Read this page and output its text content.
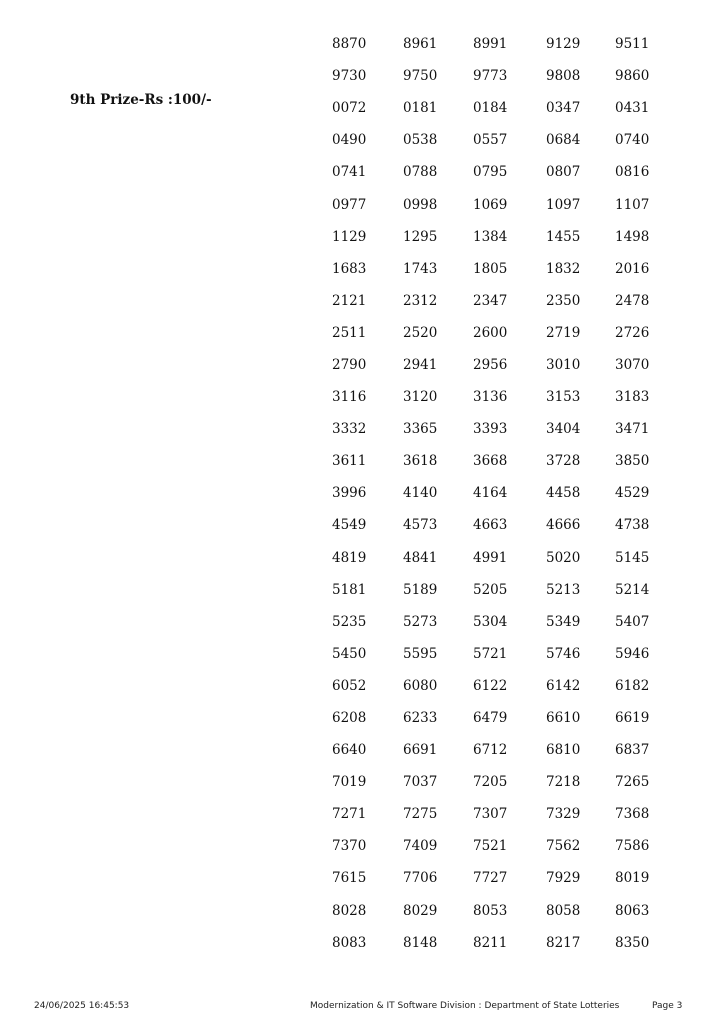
9th Prize-Rs :100/-
8870	8961	8991	9129	9511
9730	9750	9773	9808	9860
0072	0181	0184	0347	0431
0490	0538	0557	0684	0740
0741	0788	0795	0807	0816
0977	0998	1069	1097	1107
1129	1295	1384	1455	1498
1683	1743	1805	1832	2016
2121	2312	2347	2350	2478
2511	2520	2600	2719	2726
2790	2941	2956	3010	3070
3116	3120	3136	3153	3183
3332	3365	3393	3404	3471
3611	3618	3668	3728	3850
3996	4140	4164	4458	4529
4549	4573	4663	4666	4738
4819	4841	4991	5020	5145
5181	5189	5205	5213	5214
5235	5273	5304	5349	5407
5450	5595	5721	5746	5946
6052	6080	6122	6142	6182
6208	6233	6479	6610	6619
6640	6691	6712	6810	6837
7019	7037	7205	7218	7265
7271	7275	7307	7329	7368
7370	7409	7521	7562	7586
7615	7706	7727	7929	8019
8028	8029	8053	8058	8063
8083	8148	8211	8217	8350
24/06/2025 16:45:53	Modernization & IT Software Division : Department of State Lotteries	Page 3
